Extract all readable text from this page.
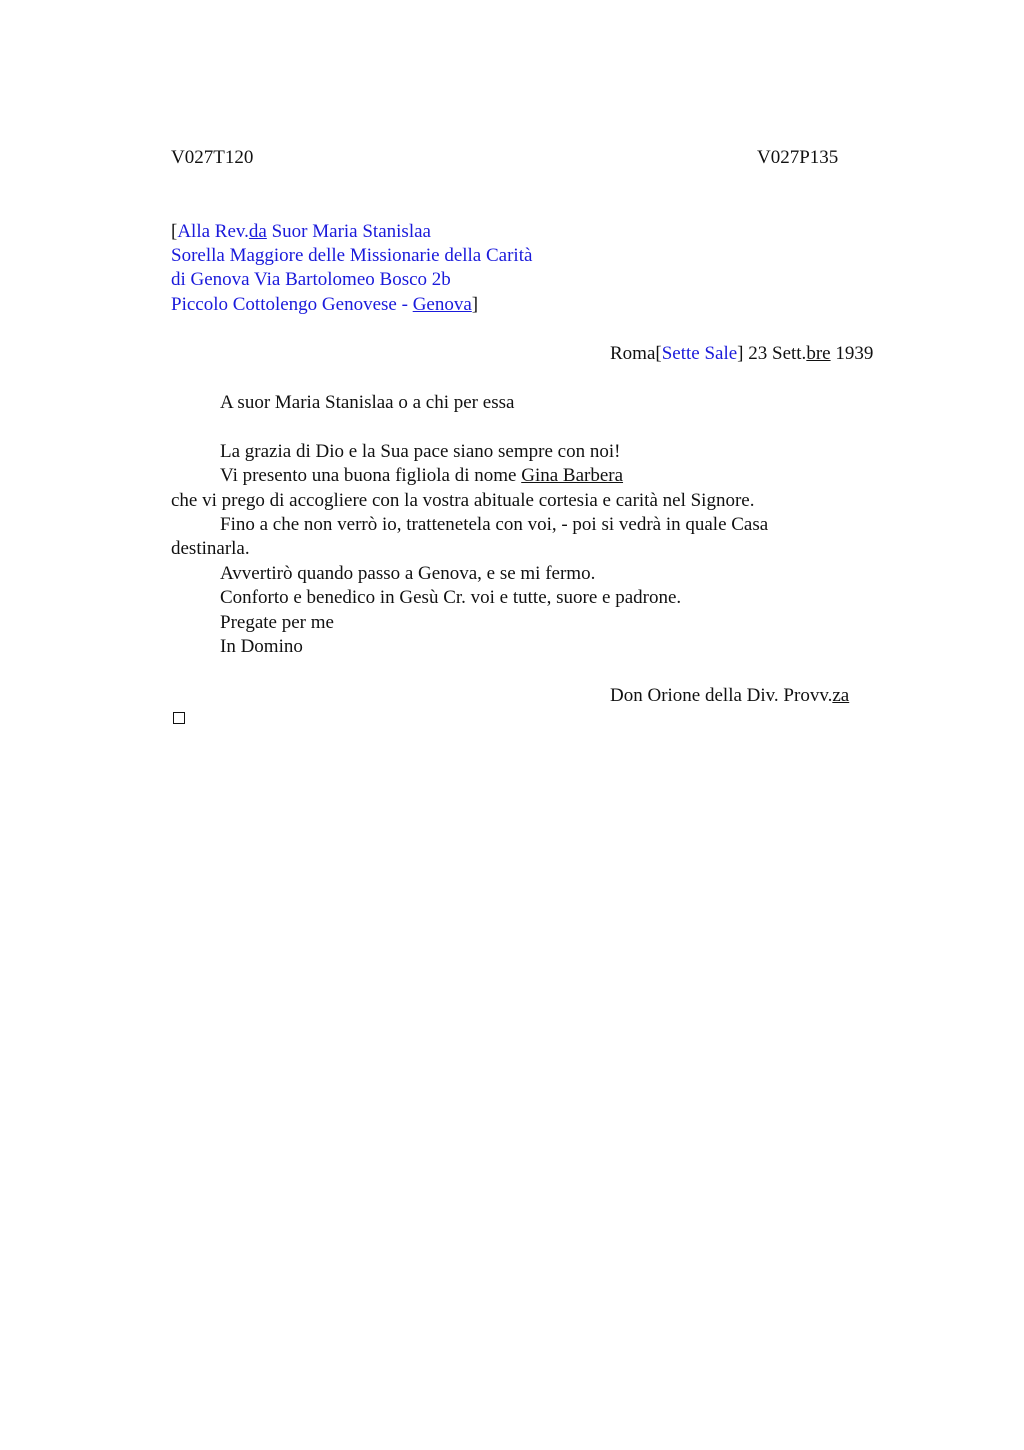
V027T120	V027P135
[Alla Rev.da Suor Maria Stanislaa
Sorella Maggiore delle Missionarie della Carità
di Genova Via Bartolomeo Bosco 2b
Piccolo Cottolengo Genovese - Genova]
Roma[Sette Sale] 23 Sett.bre 1939
A suor Maria Stanislaa o a chi per essa
La grazia di Dio e la Sua pace siano sempre con noi!
Vi presento una buona figliola di nome Gina Barbera
che vi prego di accogliere con la vostra abituale cortesia e carità nel Signore.
Fino a che non verrò io, trattenetela con voi, - poi si vedrà in quale Casa
destinarla.
Avvertirò quando passo a Genova, e se mi fermo.
Conforto e benedico in Gesù Cr. voi e tutte, suore e padrone.
Pregate per me
In Domino
Don Orione della Div. Provv.za
